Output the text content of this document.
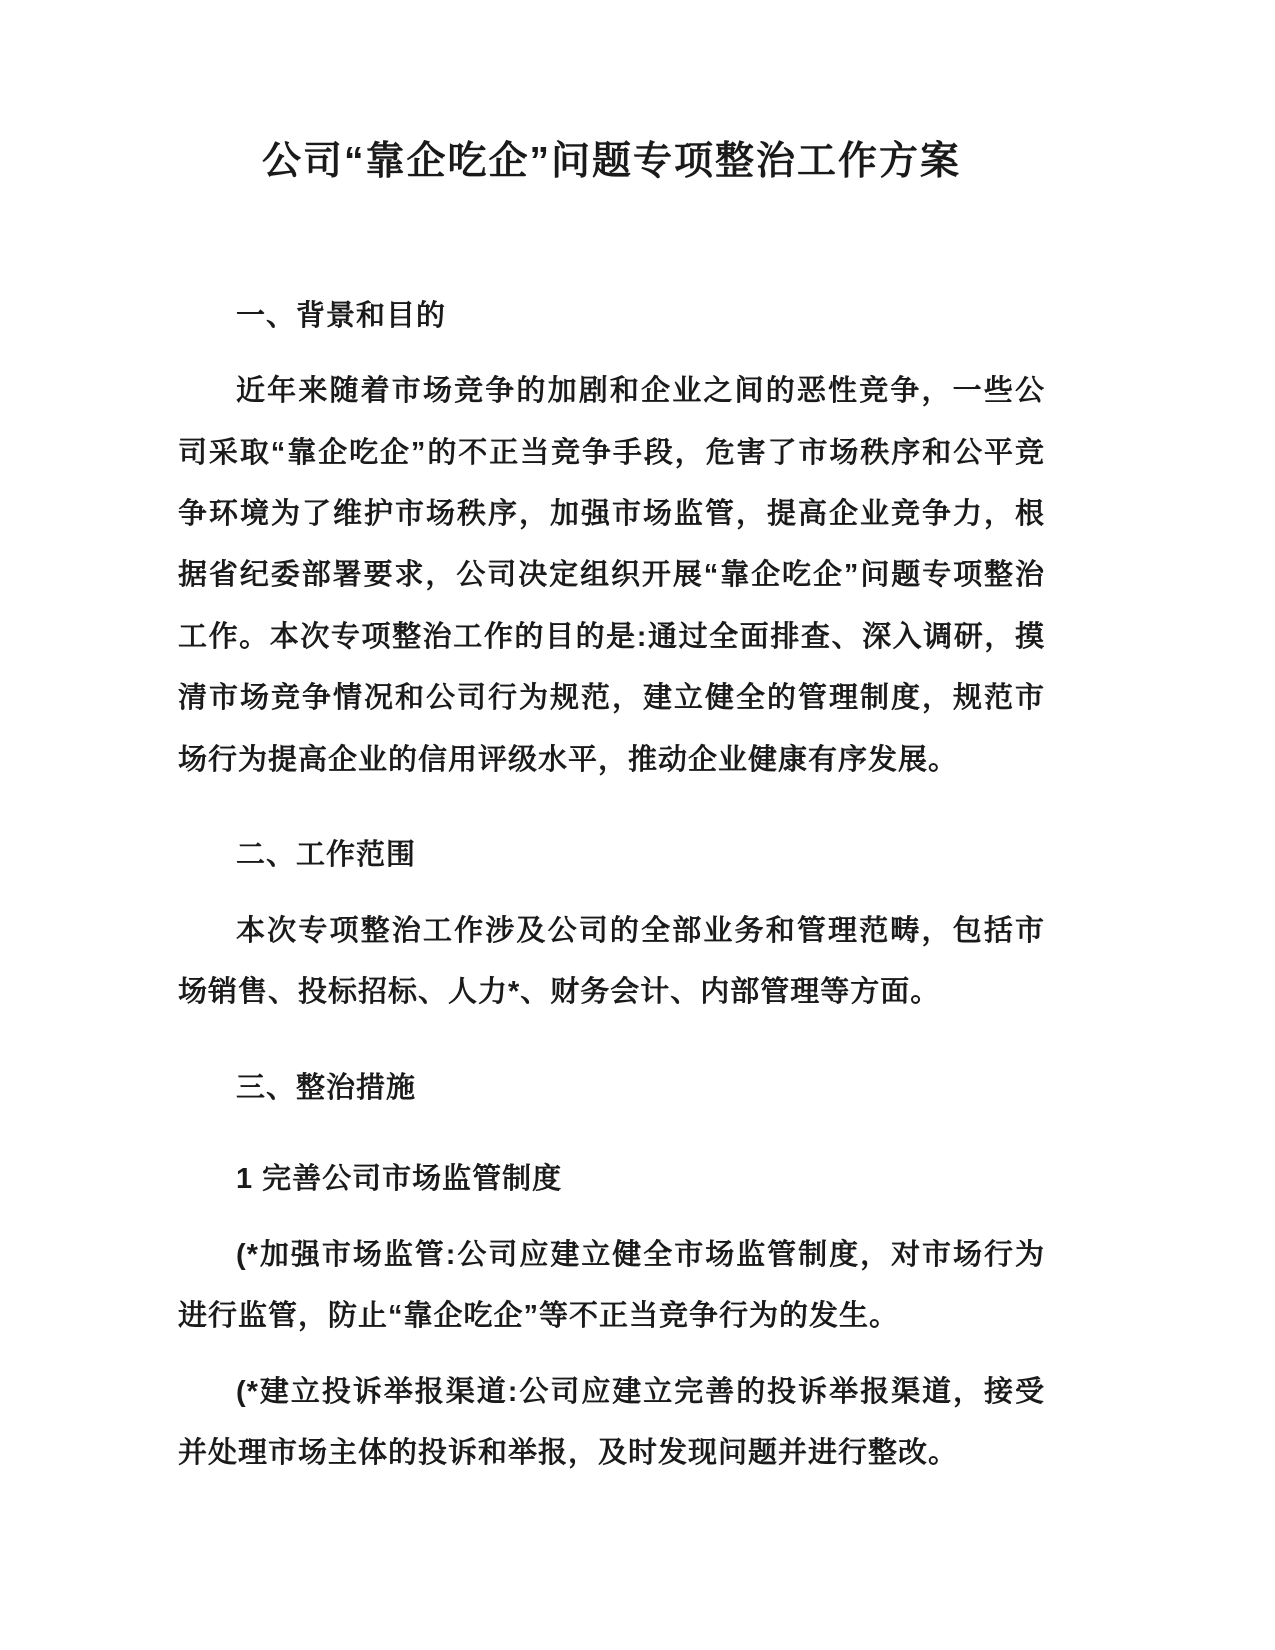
公司“靠企吃企”问题专项整治工作方案

一、背景和目的

近年来随着市场竞争的加剧和企业之间的恶性竞争，一些公司采取“靠企吃企”的不正当竞争手段，危害了市场秩序和公平竞争环境为了维护市场秩序，加强市场监管，提高企业竞争力，根据省纪委部署要求，公司决定组织开展“靠企吃企”问题专项整治工作。本次专项整治工作的目的是:通过全面排查、深入调研，摸清市场竞争情况和公司行为规范，建立健全的管理制度，规范市场行为提高企业的信用评级水平，推动企业健康有序发展。

二、工作范围

本次专项整治工作涉及公司的全部业务和管理范畴，包括市场销售、投标招标、人力*、财务会计、内部管理等方面。

三、整治措施

1 完善公司市场监管制度

(*加强市场监管:公司应建立健全市场监管制度，对市场行为进行监管，防止“靠企吃企”等不正当竞争行为的发生。

(*建立投诉举报渠道:公司应建立完善的投诉举报渠道，接受并处理市场主体的投诉和举报，及时发现问题并进行整改。
